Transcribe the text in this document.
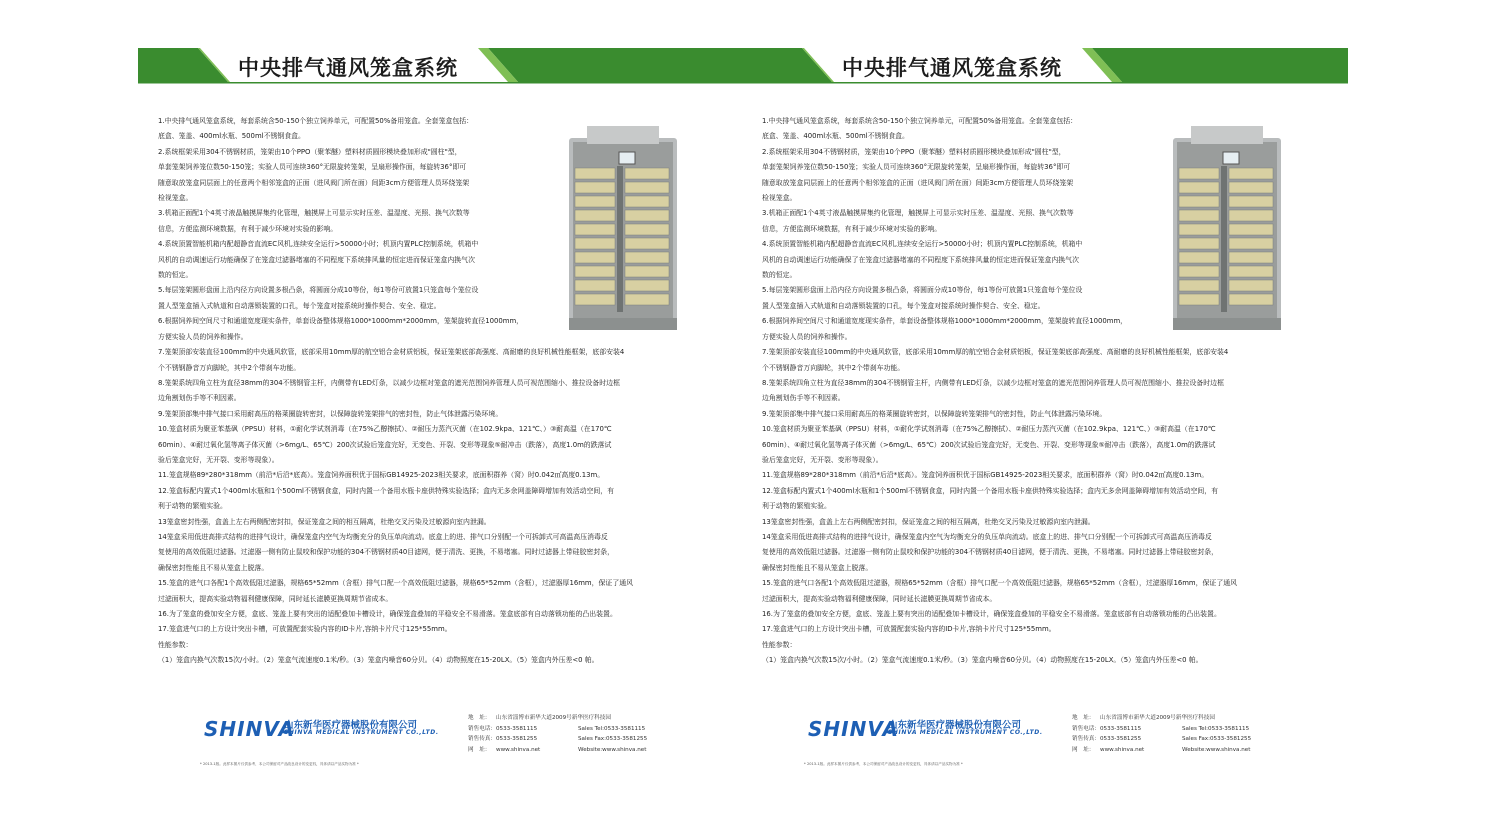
中央排气通风笼盒系统

1.中央排气通风笼盒系统，每套系统含50-150个独立饲养单元，可配置50%备用笼盒。全套笼盒包括：
底盒、笼盖、400ml水瓶、500ml不锈钢食盒。

2.系统框架采用304不锈钢材质，笼架由10个PPO（聚苯醚）塑料材质圆形模块叠加形成"圆柱"型，
单套笼架饲养笼位数50-150笼；实验人员可连续360°无限旋转笼架，呈扇形操作面，每旋转36°即可
随意取放笼盒同层面上的任意两个相邻笼盒的正面（进风阀门所在面）间距3cm方便管理人员环绕笼架
检视笼盒。

3.机箱正面配1个4英寸液晶触摸屏集约化管理，触摸屏上可显示实时压差、温湿度、光照、换气次数等
信息，方便监测环境数据，有利于减少环境对实验的影响。

4.系统顶置智能机箱内配超静音直流EC风机,连续安全运行>50000小时；机顶内置PLC控制系统，机箱中
风机的自动调速运行功能确保了在笼盒过滤器堵塞的不同程度下系统排风量的恒定进而保证笼盒内换气次
数的恒定。

5.每层笼架圆形盘面上沿内径方向设置多根凸条，将圆面分成10等份，每1等份可放置1只笼盒每个笼位设
置人型笼盒插入式轨道和自动落锁装置的口孔，每个笼盒对接系统时操作契合、安全、稳定。

6.根据饲养间空间尺寸和通道宽度现实条件，单套设备整体规格1000*1000mm*2000mm，笼架旋转直径1000mm，
方便实验人员的饲养和操作。

7.笼架顶部安装直径100mm的中央通风软管，底部采用10mm厚的航空铝合金材质铝板，保证笼架底部高强度、高耐磨的良好机械性能框架，底部安装4
个不锈钢静音万向脚轮，其中2个带刹车功能。

8.笼架系统四角立柱为直径38mm的304不锈钢管主杆，内侧带有LED灯条，以减少边框对笼盒的遮光范围饲养管理人员可视范围缩小、推拉设备时边框
边角割划伤手等不利因素。

9.笼架顶部集中排气接口采用耐高压的格莱圈旋转密封，以保障旋转笼架排气的密封性，防止气体泄露污染环境。

10.笼盒材质为聚亚苯基砜（PPSU）材料，①耐化学试剂消毒（在75%乙醇擦拭）、②耐压力蒸汽灭菌（在102.9kpa、121℃、）③耐高温（在170℃
60min）、④耐过氧化氢等离子体灭菌（>6mg/L、65℃）200次试验后笼盒完好，无变色、开裂、变形等现象⑤耐冲击（跌落），高度1.0m的跌落试
验后笼盒完好，无开裂、变形等现象）。

11.笼盒规格89*280*318mm（前沿*后沿*底高）。笼盒饲养面积优于国标GB14925-2023相关要求，底面积群养（窝）时0.042㎡高度0.13m。

12.笼盒标配内置式1个400ml水瓶和1个500ml不锈钢食盒，同时内置一个备用水瓶卡座供特殊实验选择；盒内无多余网盖障碍增加有效活动空间，有
利于动物的繁殖实验。

13笼盒密封性强，盒盖上左右两侧配密封扣，保证笼盒之间的相互隔离，杜绝交叉污染及过敏源向室内泄漏。

14笼盒采用低进高排式结构的进排气设计，确保笼盒内空气为均衡充分的负压单向流动。底盒上的进、排气口分别配一个可拆卸式可高温高压消毒反
复使用的高效低阻过滤器。过滤器一侧有防止鼠咬和保护功能的304不锈钢材质40目滤网，便于清洗、更换，不易堵塞。同时过滤器上带硅胶密封条，
确保密封性能且不易从笼盒上脱落。

15.笼盒的进气口各配1个高效低阻过滤器，规格65*52mm（含框）排气口配一个高效低阻过滤器，规格65*52mm（含框），过滤器厚16mm，保证了通风
过滤面积大，提高实验动物福利健康保障，同时延长滤膜更换周期节省成本。

16.为了笼盒的叠加安全方便，盒底、笼盖上要有突出的适配叠加卡槽设计，确保笼盒叠加的平稳安全不易滑落。笼盒底部有自动落锁功能的凸出装置。

17.笼盒进气口的上方设计突出卡槽，可放置配套实验内容的ID卡片,容纳卡片尺寸125*55mm。

性能参数：

（1）笼盒内换气次数15次/小时。（2）笼盒气流速度0.1米/秒。（3）笼盒内噪音60分贝。（4）动物照度在15-20LX。（5）笼盒内外压差<0 帕。

SHINVA
山东新华医疗器械股份有限公司
SHINVA MEDICAL INSTRUMENT CO.,LTD.
地　址： 山东省淄博市新华大道2009号新华医疗科技园
销售电话：0533-3581115	Sales Tel:0533-3581115
销售传真：0533-3581255	Sales Fax:0533-3581255
网　址： www.shinva.net	Website:www.shinva.net
* 2013-1版。此样本图片仅供参考，本公司保留对产品改良设计的变更权，具体请以产品实物为准 *
中央排气通风笼盒系统

1.中央排气通风笼盒系统，每套系统含50-150个独立饲养单元，可配置50%备用笼盒。全套笼盒包括：
底盒、笼盖、400ml水瓶、500ml不锈钢食盒。

2.系统框架采用304不锈钢材质，笼架由10个PPO（聚苯醚）塑料材质圆形模块叠加形成"圆柱"型，
单套笼架饲养笼位数50-150笼；实验人员可连续360°无限旋转笼架，呈扇形操作面，每旋转36°即可
随意取放笼盒同层面上的任意两个相邻笼盒的正面（进风阀门所在面）间距3cm方便管理人员环绕笼架
检视笼盒。

3.机箱正面配1个4英寸液晶触摸屏集约化管理，触摸屏上可显示实时压差、温湿度、光照、换气次数等
信息，方便监测环境数据，有利于减少环境对实验的影响。

4.系统顶置智能机箱内配超静音直流EC风机,连续安全运行>50000小时；机顶内置PLC控制系统，机箱中
风机的自动调速运行功能确保了在笼盒过滤器堵塞的不同程度下系统排风量的恒定进而保证笼盒内换气次
数的恒定。

5.每层笼架圆形盘面上沿内径方向设置多根凸条，将圆面分成10等份，每1等份可放置1只笼盒每个笼位设
置人型笼盒插入式轨道和自动落锁装置的口孔，每个笼盒对接系统时操作契合、安全、稳定。

6.根据饲养间空间尺寸和通道宽度现实条件，单套设备整体规格1000*1000mm*2000mm，笼架旋转直径1000mm，
方便实验人员的饲养和操作。

7.笼架顶部安装直径100mm的中央通风软管，底部采用10mm厚的航空铝合金材质铝板，保证笼架底部高强度、高耐磨的良好机械性能框架，底部安装4
个不锈钢静音万向脚轮，其中2个带刹车功能。

8.笼架系统四角立柱为直径38mm的304不锈钢管主杆，内侧带有LED灯条，以减少边框对笼盒的遮光范围饲养管理人员可视范围缩小、推拉设备时边框
边角割划伤手等不利因素。

9.笼架顶部集中排气接口采用耐高压的格莱圈旋转密封，以保障旋转笼架排气的密封性，防止气体泄露污染环境。

10.笼盒材质为聚亚苯基砜（PPSU）材料，①耐化学试剂消毒（在75%乙醇擦拭）、②耐压力蒸汽灭菌（在102.9kpa、121℃、）③耐高温（在170℃
60min）、④耐过氧化氢等离子体灭菌（>6mg/L、65℃）200次试验后笼盒完好，无变色、开裂、变形等现象⑤耐冲击（跌落），高度1.0m的跌落试
验后笼盒完好，无开裂、变形等现象）。

11.笼盒规格89*280*318mm（前沿*后沿*底高）。笼盒饲养面积优于国标GB14925-2023相关要求，底面积群养（窝）时0.042㎡高度0.13m。

12.笼盒标配内置式1个400ml水瓶和1个500ml不锈钢食盒，同时内置一个备用水瓶卡座供特殊实验选择；盒内无多余网盖障碍增加有效活动空间，有
利于动物的繁殖实验。

13笼盒密封性强，盒盖上左右两侧配密封扣，保证笼盒之间的相互隔离，杜绝交叉污染及过敏源向室内泄漏。

14笼盒采用低进高排式结构的进排气设计，确保笼盒内空气为均衡充分的负压单向流动。底盒上的进、排气口分别配一个可拆卸式可高温高压消毒反
复使用的高效低阻过滤器。过滤器一侧有防止鼠咬和保护功能的304不锈钢材质40目滤网，便于清洗、更换，不易堵塞。同时过滤器上带硅胶密封条，
确保密封性能且不易从笼盒上脱落。

15.笼盒的进气口各配1个高效低阻过滤器，规格65*52mm（含框）排气口配一个高效低阻过滤器，规格65*52mm（含框），过滤器厚16mm，保证了通风
过滤面积大，提高实验动物福利健康保障，同时延长滤膜更换周期节省成本。

16.为了笼盒的叠加安全方便，盒底、笼盖上要有突出的适配叠加卡槽设计，确保笼盒叠加的平稳安全不易滑落。笼盒底部有自动落锁功能的凸出装置。

17.笼盒进气口的上方设计突出卡槽，可放置配套实验内容的ID卡片,容纳卡片尺寸125*55mm。

性能参数：

（1）笼盒内换气次数15次/小时。（2）笼盒气流速度0.1米/秒。（3）笼盒内噪音60分贝。（4）动物照度在15-20LX。（5）笼盒内外压差<0 帕。

SHINVA
山东新华医疗器械股份有限公司
SHINVA MEDICAL INSTRUMENT CO.,LTD.
地　址： 山东省淄博市新华大道2009号新华医疗科技园
销售电话：0533-3581115	Sales Tel:0533-3581115
销售传真：0533-3581255	Sales Fax:0533-3581255
网　址： www.shinva.net	Website:www.shinva.net
* 2013-1版。此样本图片仅供参考，本公司保留对产品改良设计的变更权，具体请以产品实物为准 *
